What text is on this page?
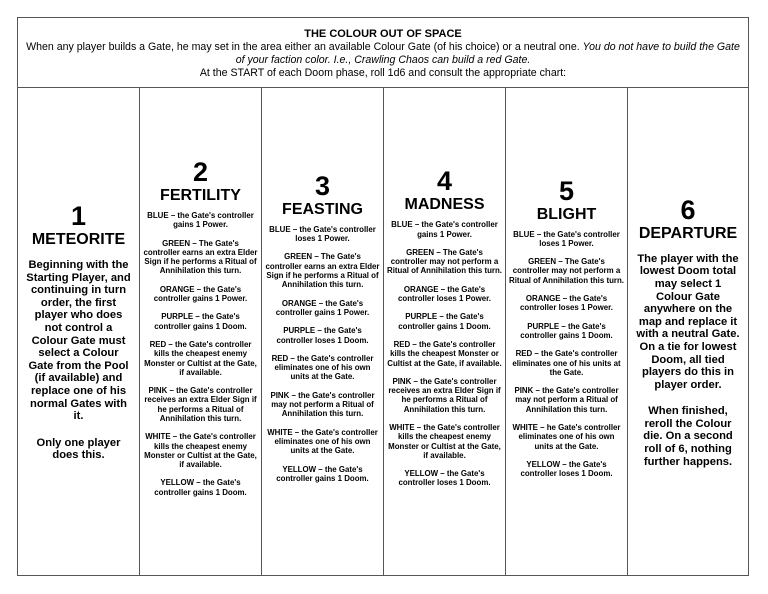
THE COLOUR OUT OF SPACE
When any player builds a Gate, he may set in the area either an available Colour Gate (of his choice) or a neutral one. You do not have to build the Gate of your faction color. I.e., Crawling Chaos can build a red Gate.
At the START of each Doom phase, roll 1d6 and consult the appropriate chart:
1
METEORITE
Beginning with the Starting Player, and continuing in turn order, the first player who does not control a Colour Gate must select a Colour Gate from the Pool (if available) and replace one of his normal Gates with it.
Only one player does this.
2
FERTILITY
BLUE – the Gate's controller gains 1 Power.
GREEN – The Gate's controller earns an extra Elder Sign if he performs a Ritual of Annihilation this turn.
ORANGE – the Gate's controller gains 1 Power.
PURPLE – the Gate's controller gains 1 Doom.
RED – the Gate's controller kills the cheapest enemy Monster or Cultist at the Gate, if available.
PINK – the Gate's controller receives an extra Elder Sign if he performs a Ritual of Annihilation this turn.
WHITE – the Gate's controller kills the cheapest enemy Monster or Cultist at the Gate, if available.
YELLOW – the Gate's controller gains 1 Doom.
3
FEASTING
BLUE – the Gate's controller loses 1 Power.
GREEN – The Gate's controller earns an extra Elder Sign if he performs a Ritual of Annihilation this turn.
ORANGE – the Gate's controller gains 1 Power.
PURPLE – the Gate's controller loses 1 Doom.
RED – the Gate's controller eliminates one of his own units at the Gate.
PINK – the Gate's controller may not perform a Ritual of Annihilation this turn.
WHITE – the Gate's controller eliminates one of his own units at the Gate.
YELLOW – the Gate's controller gains 1 Doom.
4
MADNESS
BLUE – the Gate's controller gains 1 Power.
GREEN – The Gate's controller may not perform a Ritual of Annihilation this turn.
ORANGE – the Gate's controller loses 1 Power.
PURPLE – the Gate's controller gains 1 Doom.
RED – the Gate's controller kills the cheapest Monster or Cultist at the Gate, if available.
PINK – the Gate's controller receives an extra Elder Sign if he performs a Ritual of Annihilation this turn.
WHITE – the Gate's controller kills the cheapest enemy Monster or Cultist at the Gate, if available.
YELLOW – the Gate's controller loses 1 Doom.
5
BLIGHT
BLUE – the Gate's controller loses 1 Power.
GREEN – The Gate's controller may not perform a Ritual of Annihilation this turn.
ORANGE – the Gate's controller loses 1 Power.
PURPLE – the Gate's controller gains 1 Doom.
RED – the Gate's controller eliminates one of his units at the Gate.
PINK – the Gate's controller may not perform a Ritual of Annihilation this turn.
WHITE – he Gate's controller eliminates one of his own units at the Gate.
YELLOW – the Gate's controller loses 1 Doom.
6
DEPARTURE
The player with the lowest Doom total may select 1 Colour Gate anywhere on the map and replace it with a neutral Gate. On a tie for lowest Doom, all tied players do this in player order.
When finished, reroll the Colour die. On a second roll of 6, nothing further happens.
